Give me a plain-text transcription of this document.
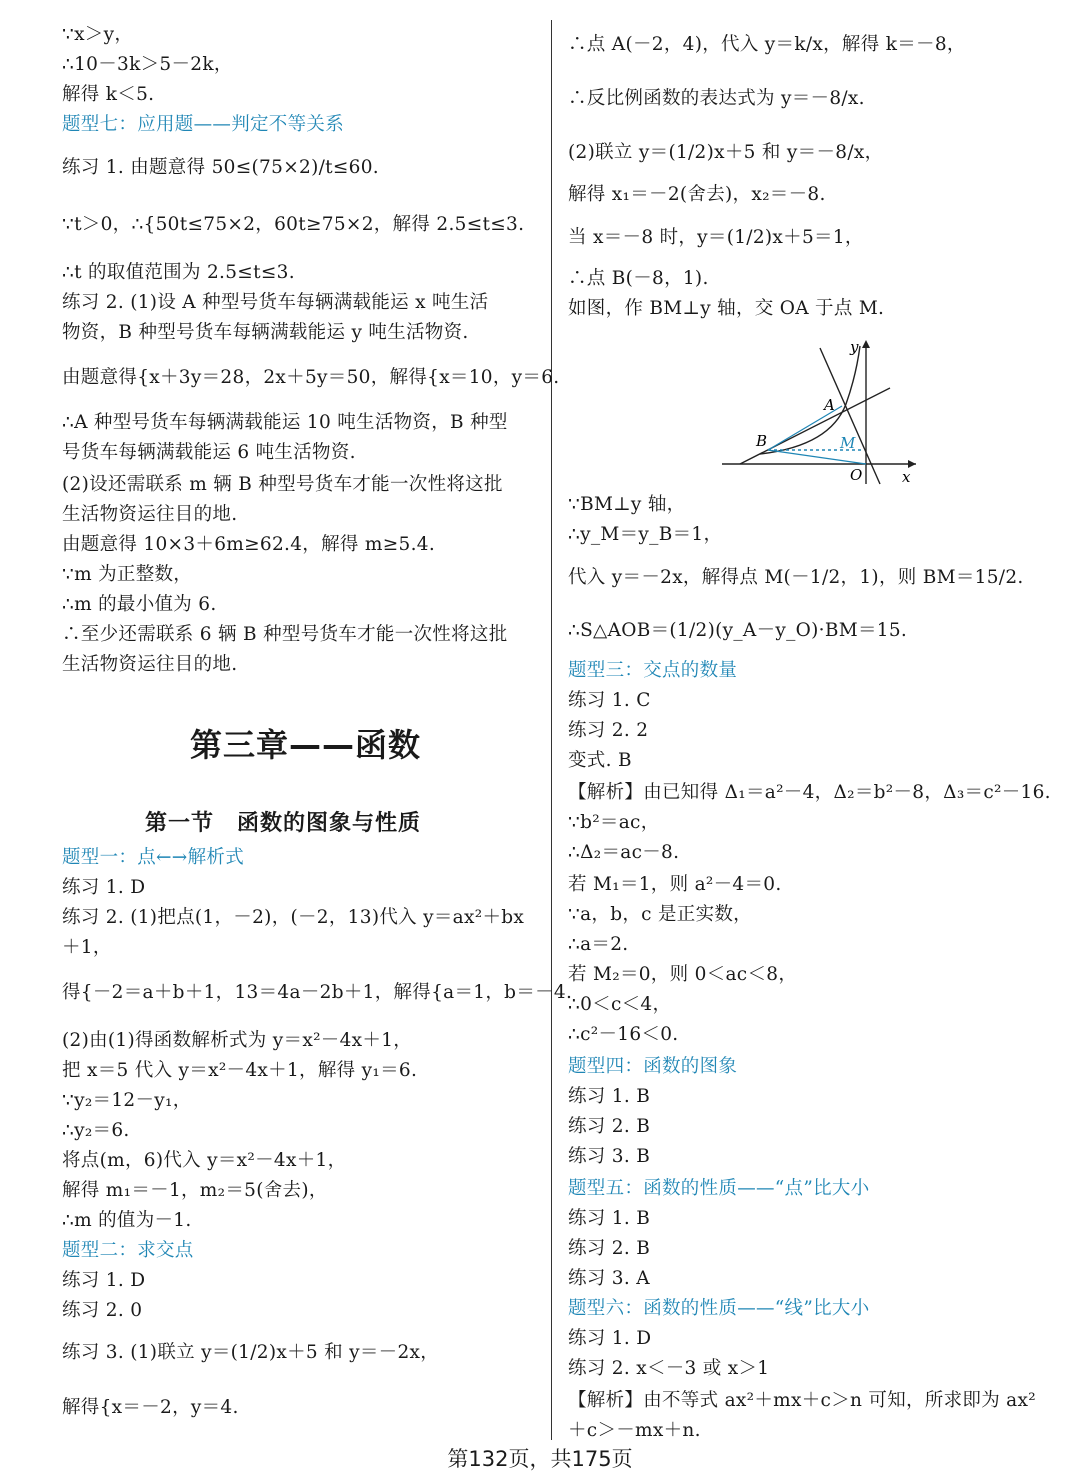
∵x＞y，
∴10－3k＞5－2k，
解得 k＜5.
题型七：应用题——判定不等关系
练习 1. 由题意得 50≤(75×2)/t≤60.
∵t＞0，∴{50t≤75×2，60t≥75×2，解得 2.5≤t≤3.
∴t 的取值范围为 2.5≤t≤3.
练习 2. (1)设 A 种型号货车每辆满载能运 x 吨生活
物资，B 种型号货车每辆满载能运 y 吨生活物资.
由题意得{x＋3y＝28，2x＋5y＝50，解得{x＝10，y＝6.
∴A 种型号货车每辆满载能运 10 吨生活物资，B 种型
号货车每辆满载能运 6 吨生活物资.
(2)设还需联系 m 辆 B 种型号货车才能一次性将这批
生活物资运往目的地.
由题意得 10×3＋6m≥62.4，解得 m≥5.4.
∵m 为正整数，
∴m 的最小值为 6.
∴至少还需联系 6 辆 B 种型号货车才能一次性将这批
生活物资运往目的地.
题型一：点←→解析式
练习 1. D
练习 2. (1)把点(1，－2)，(－2，13)代入 y＝ax²＋bx
＋1，
得{－2＝a＋b＋1，13＝4a－2b＋1，解得{a＝1，b＝－4.
(2)由(1)得函数解析式为 y＝x²－4x＋1，
把 x＝5 代入 y＝x²－4x＋1，解得 y₁＝6.
∵y₂＝12－y₁，
∴y₂＝6.
将点(m，6)代入 y＝x²－4x＋1，
解得 m₁＝－1，m₂＝5(舍去)，
∴m 的值为－1.
题型二：求交点
练习 1. D
练习 2. 0
练习 3. (1)联立 y＝(1/2)x＋5 和 y＝－2x，
解得{x＝－2，y＝4.
∴点 A(－2，4)，代入 y＝k/x，解得 k＝－8，
∴反比例函数的表达式为 y＝－8/x.
(2)联立 y＝(1/2)x＋5 和 y＝－8/x，
解得 x₁＝－2(舍去)，x₂＝－8.
当 x＝－8 时，y＝(1/2)x＋5＝1，
∴点 B(－8，1).
如图，作 BM⊥y 轴，交 OA 于点 M.
∵BM⊥y 轴，
∴y_M＝y_B＝1，
代入 y＝－2x，解得点 M(－1/2，1)，则 BM＝15/2.
∴S△AOB＝(1/2)(y_A－y_O)·BM＝15.
题型三：交点的数量
练习 1. C
练习 2. 2
变式. B
【解析】由已知得 Δ₁＝a²－4，Δ₂＝b²－8，Δ₃＝c²－16.
∵b²＝ac，
∴Δ₂＝ac－8.
若 M₁＝1，则 a²－4＝0.
∵a，b，c 是正实数，
∴a＝2.
若 M₂＝0，则 0＜ac＜8，
∴0＜c＜4，
∴c²－16＜0.
题型四：函数的图象
练习 1. B
练习 2. B
练习 3. B
题型五：函数的性质——“点”比大小
练习 1. B
练习 2. B
练习 3. A
题型六：函数的性质——“线”比大小
练习 1. D
练习 2. x＜－3 或 x＞1
【解析】由不等式 ax²＋mx＋c＞n 可知，所求即为 ax²
＋c＞－mx＋n.
第三章——函数
第一节　函数的图象与性质
y
x
A
B	M
O
第132页，共175页
